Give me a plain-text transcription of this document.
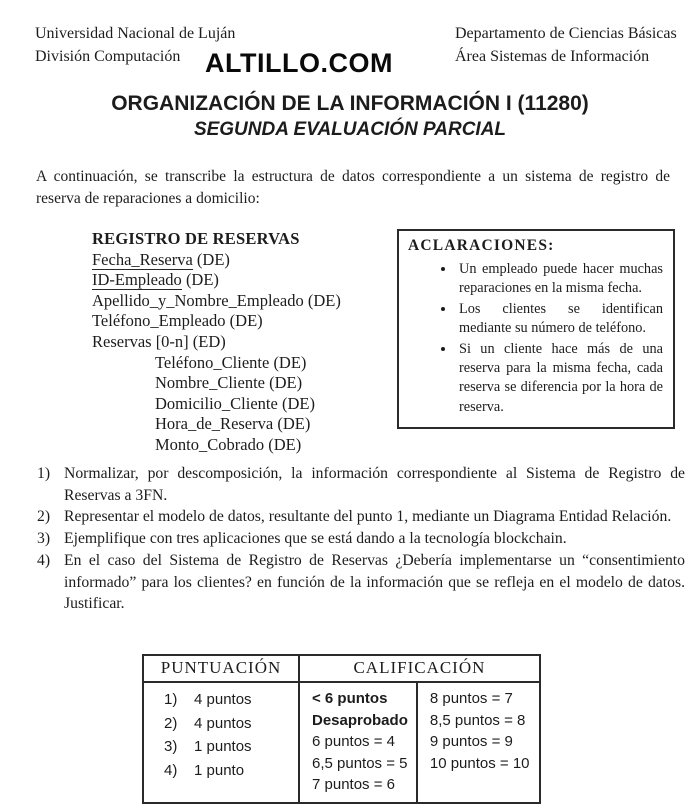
Universidad Nacional de Luján
División Computación ALTILLO.COM
Departamento de Ciencias Básicas
Área Sistemas de Información
ORGANIZACIÓN DE LA INFORMACIÓN I (11280)
SEGUNDA EVALUACIÓN PARCIAL
A continuación, se transcribe la estructura de datos correspondiente a un sistema de registro de reserva de reparaciones a domicilio:
REGISTRO DE RESERVAS
Fecha_Reserva (DE)
ID-Empleado (DE)
Apellido_y_Nombre_Empleado (DE)
Teléfono_Empleado (DE)
Reservas [0-n] (ED)
Teléfono_Cliente (DE)
Nombre_Cliente (DE)
Domicilio_Cliente (DE)
Hora_de_Reserva (DE)
Monto_Cobrado (DE)
ACLARACIONES:
• Un empleado puede hacer muchas reparaciones en la misma fecha.
• Los clientes se identifican mediante su número de teléfono.
• Si un cliente hace más de una reserva para la misma fecha, cada reserva se diferencia por la hora de reserva.
1) Normalizar, por descomposición, la información correspondiente al Sistema de Registro de Reservas a 3FN.
2) Representar el modelo de datos, resultante del punto 1, mediante un Diagrama Entidad Relación.
3) Ejemplifique con tres aplicaciones que se está dando a la tecnología blockchain.
4) En el caso del Sistema de Registro de Reservas ¿Debería implementarse un “consentimiento informado” para los clientes? en función de la información que se refleja en el modelo de datos. Justificar.
PUNTUACIÓN	CALIFICACIÓN	

1) 4 puntos
2) 4 puntos
3) 1 puntos
4) 1 punto

< 6 puntos
Desaprobado
6 puntos = 4
6,5 puntos = 5
7 puntos = 6

8 puntos = 7
8,5 puntos = 8
9 puntos = 9
10 puntos = 10
